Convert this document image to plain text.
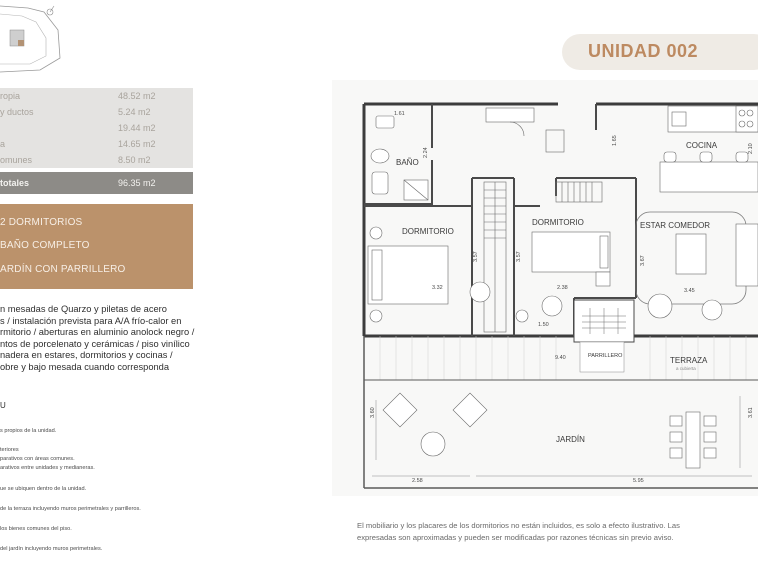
ropia	48.52 m2
y ductos	5.24 m2
19.44 m2
a	14.65 m2
omunes	8.50 m2
totales	96.35 m2
2 DORMITORIOS
BAÑO COMPLETO
ARDÍN CON PARRILLERO
n mesadas de Quarzo y piletas de acero
s / instalación prevista para A/A frío-calor en
rmitorio / aberturas en aluminio anolock negro /
ntos de porcelenato y cerámicas / piso vinílico
nadera en estares, dormitorios y cocinas /
obre y bajo mesada cuando corresponda
U
s propios de la unidad.
teriores
parativos con áreas comunes.
arativos entre unidades y medianeras.
ue se ubiquen dentro de la unidad.
de la terraza incluyendo muros perimetrales y parrilleros.
los bienes comunes del piso.
del jardín incluyendo muros perimetrales.
UNIDAD 002
BAÑO
COCINA
DORMITORIO
DORMITORIO	ESTAR COMEDOR
TERRAZA
JARDÍN
PARRILLERO
a cubierta
1.61
3.32	2.38
1.50
3.45
9.40
2.58	5.95
2.24
1.65
2.10
3.57	3.57	3.67
3.60	3.61
El mobiliario y los placares de los dormitorios no están incluidos, es solo a efecto ilustrativo. Las
expresadas son aproximadas y pueden ser modificadas por razones técnicas sin previo aviso.
